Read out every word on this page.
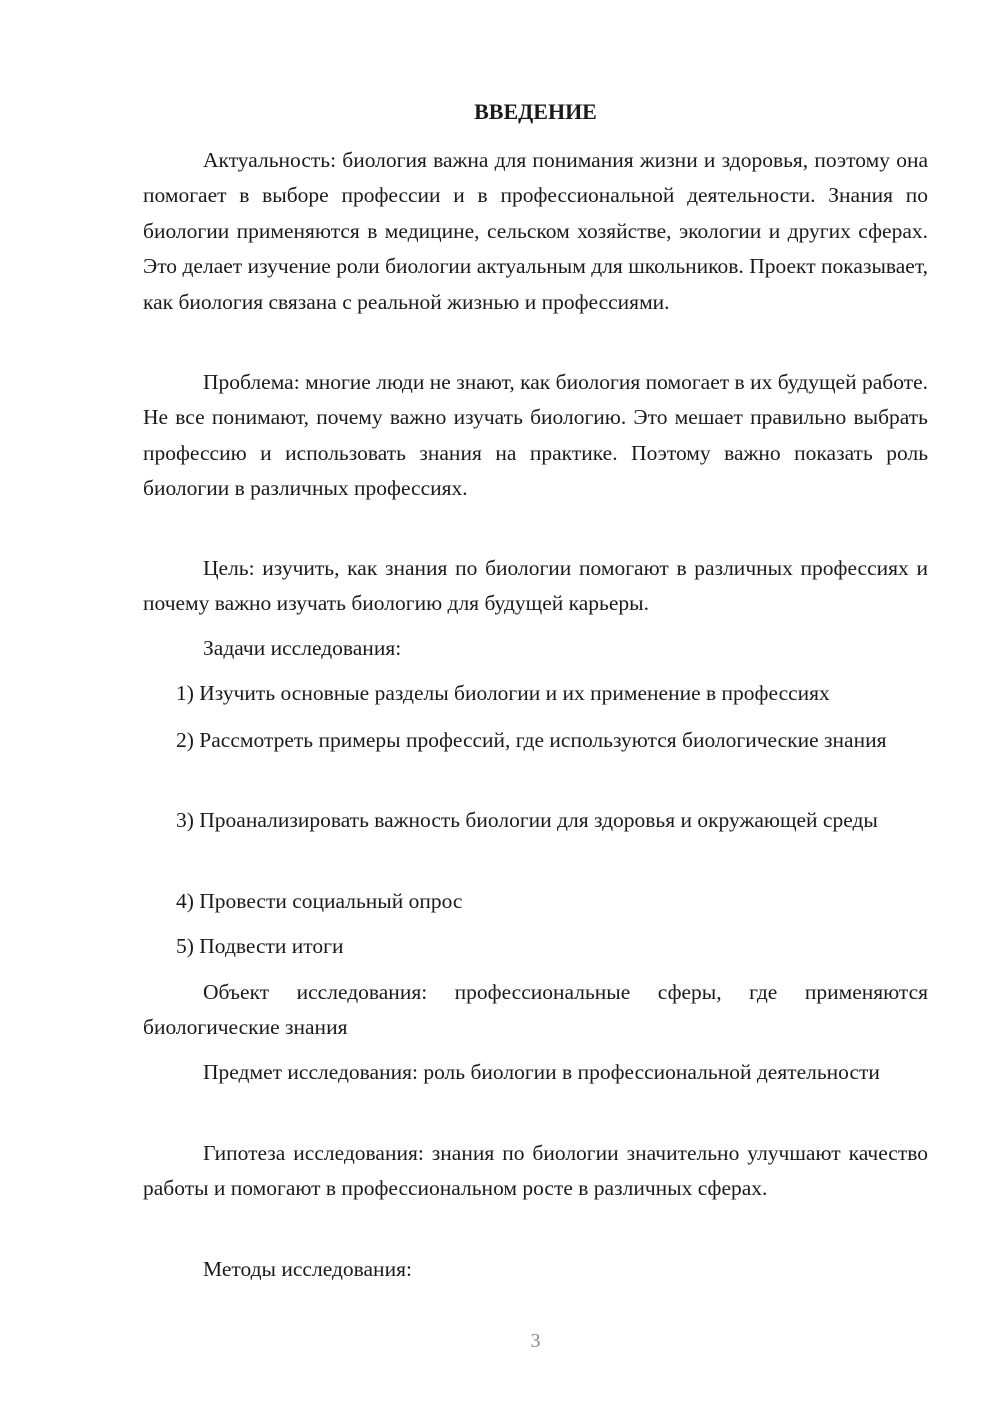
ВВЕДЕНИЕ

Актуальность: биология важна для понимания жизни и здоровья, поэтому она помогает в выборе профессии и в профессиональной деятельности. Знания по биологии применяются в медицине, сельском хозяйстве, экологии и других сферах. Это делает изучение роли биологии актуальным для школьников. Проект показывает, как биология связана с реальной жизнью и профессиями.

Проблема: многие люди не знают, как биология помогает в их будущей работе. Не все понимают, почему важно изучать биологию. Это мешает правильно выбрать профессию и использовать знания на практике. Поэтому важно показать роль биологии в различных профессиях.

Цель: изучить, как знания по биологии помогают в различных профессиях и почему важно изучать биологию для будущей карьеры.

Задачи исследования:

1) Изучить основные разделы биологии и их применение в профессиях

2) Рассмотреть примеры профессий, где используются биологические знания

3) Проанализировать важность биологии для здоровья и окружающей среды

4) Провести социальный опрос

5) Подвести итоги

Объект исследования: профессиональные сферы, где применяются биологические знания

Предмет исследования: роль биологии в профессиональной деятельности

Гипотеза исследования: знания по биологии значительно улучшают качество работы и помогают в профессиональном росте в различных сферах.

Методы исследования:

3
